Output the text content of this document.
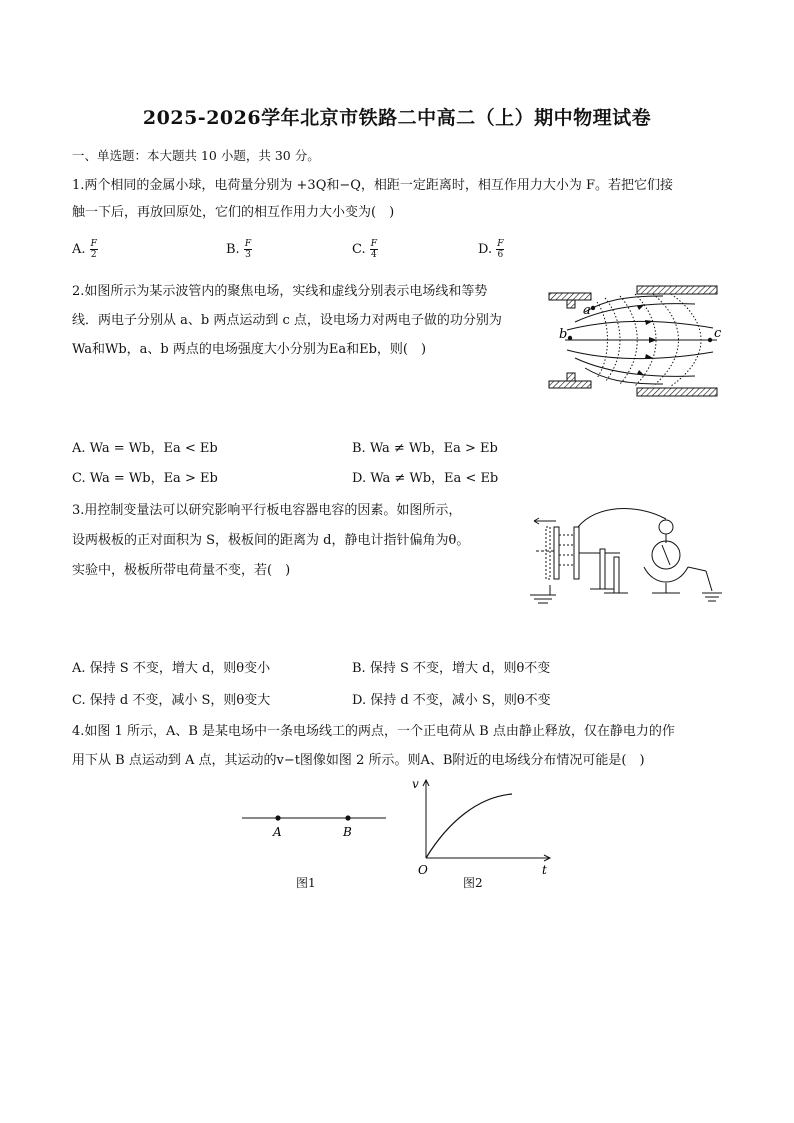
2025-2026学年北京市铁路二中高二（上）期中物理试卷
一、单选题：本大题共 10 小题，共 30 分。
1.两个相同的金属小球，电荷量分别为 +3Q和−Q，相距一定距离时，相互作用力大小为 F。若把它们接
触一下后，再放回原处，它们的相互作用力大小变为(　)
A. $\frac{F}{2}$	B. $\frac{F}{3}$	C. $\frac{F}{4}$	D. $\frac{F}{6}$
2.如图所示为某示波管内的聚焦电场，实线和虚线分别表示电场线和等势
线．两电子分别从 a、b 两点运动到 c 点，设电场力对两电子做的功分别为
Wa和Wb，a、b 两点的电场强度大小分别为Ea和Eb，则(　)
a
b	c
A. Wa = Wb，Ea < Eb	B. Wa ≠ Wb，Ea > Eb
C. Wa = Wb，Ea > Eb	D. Wa ≠ Wb，Ea < Eb
3.用控制变量法可以研究影响平行板电容器电容的因素。如图所示，
设两极板的正对面积为 S，极板间的距离为 d，静电计指针偏角为θ。
实验中，极板所带电荷量不变，若(　)
A. 保持 S 不变，增大 d，则θ变小	B. 保持 S 不变，增大 d，则θ不变
C. 保持 d 不变，减小 S，则θ变大	D. 保持 d 不变，减小 S，则θ不变
4.如图 1 所示，A、B 是某电场中一条电场线工的两点，一个正电荷从 B 点由静止释放，仅在静电力的作
用下从 B 点运动到 A 点，其运动的v−t图像如图 2 所示。则A、B附近的电场线分布情况可能是(　)
A	B
图1
v
t
O
图2
